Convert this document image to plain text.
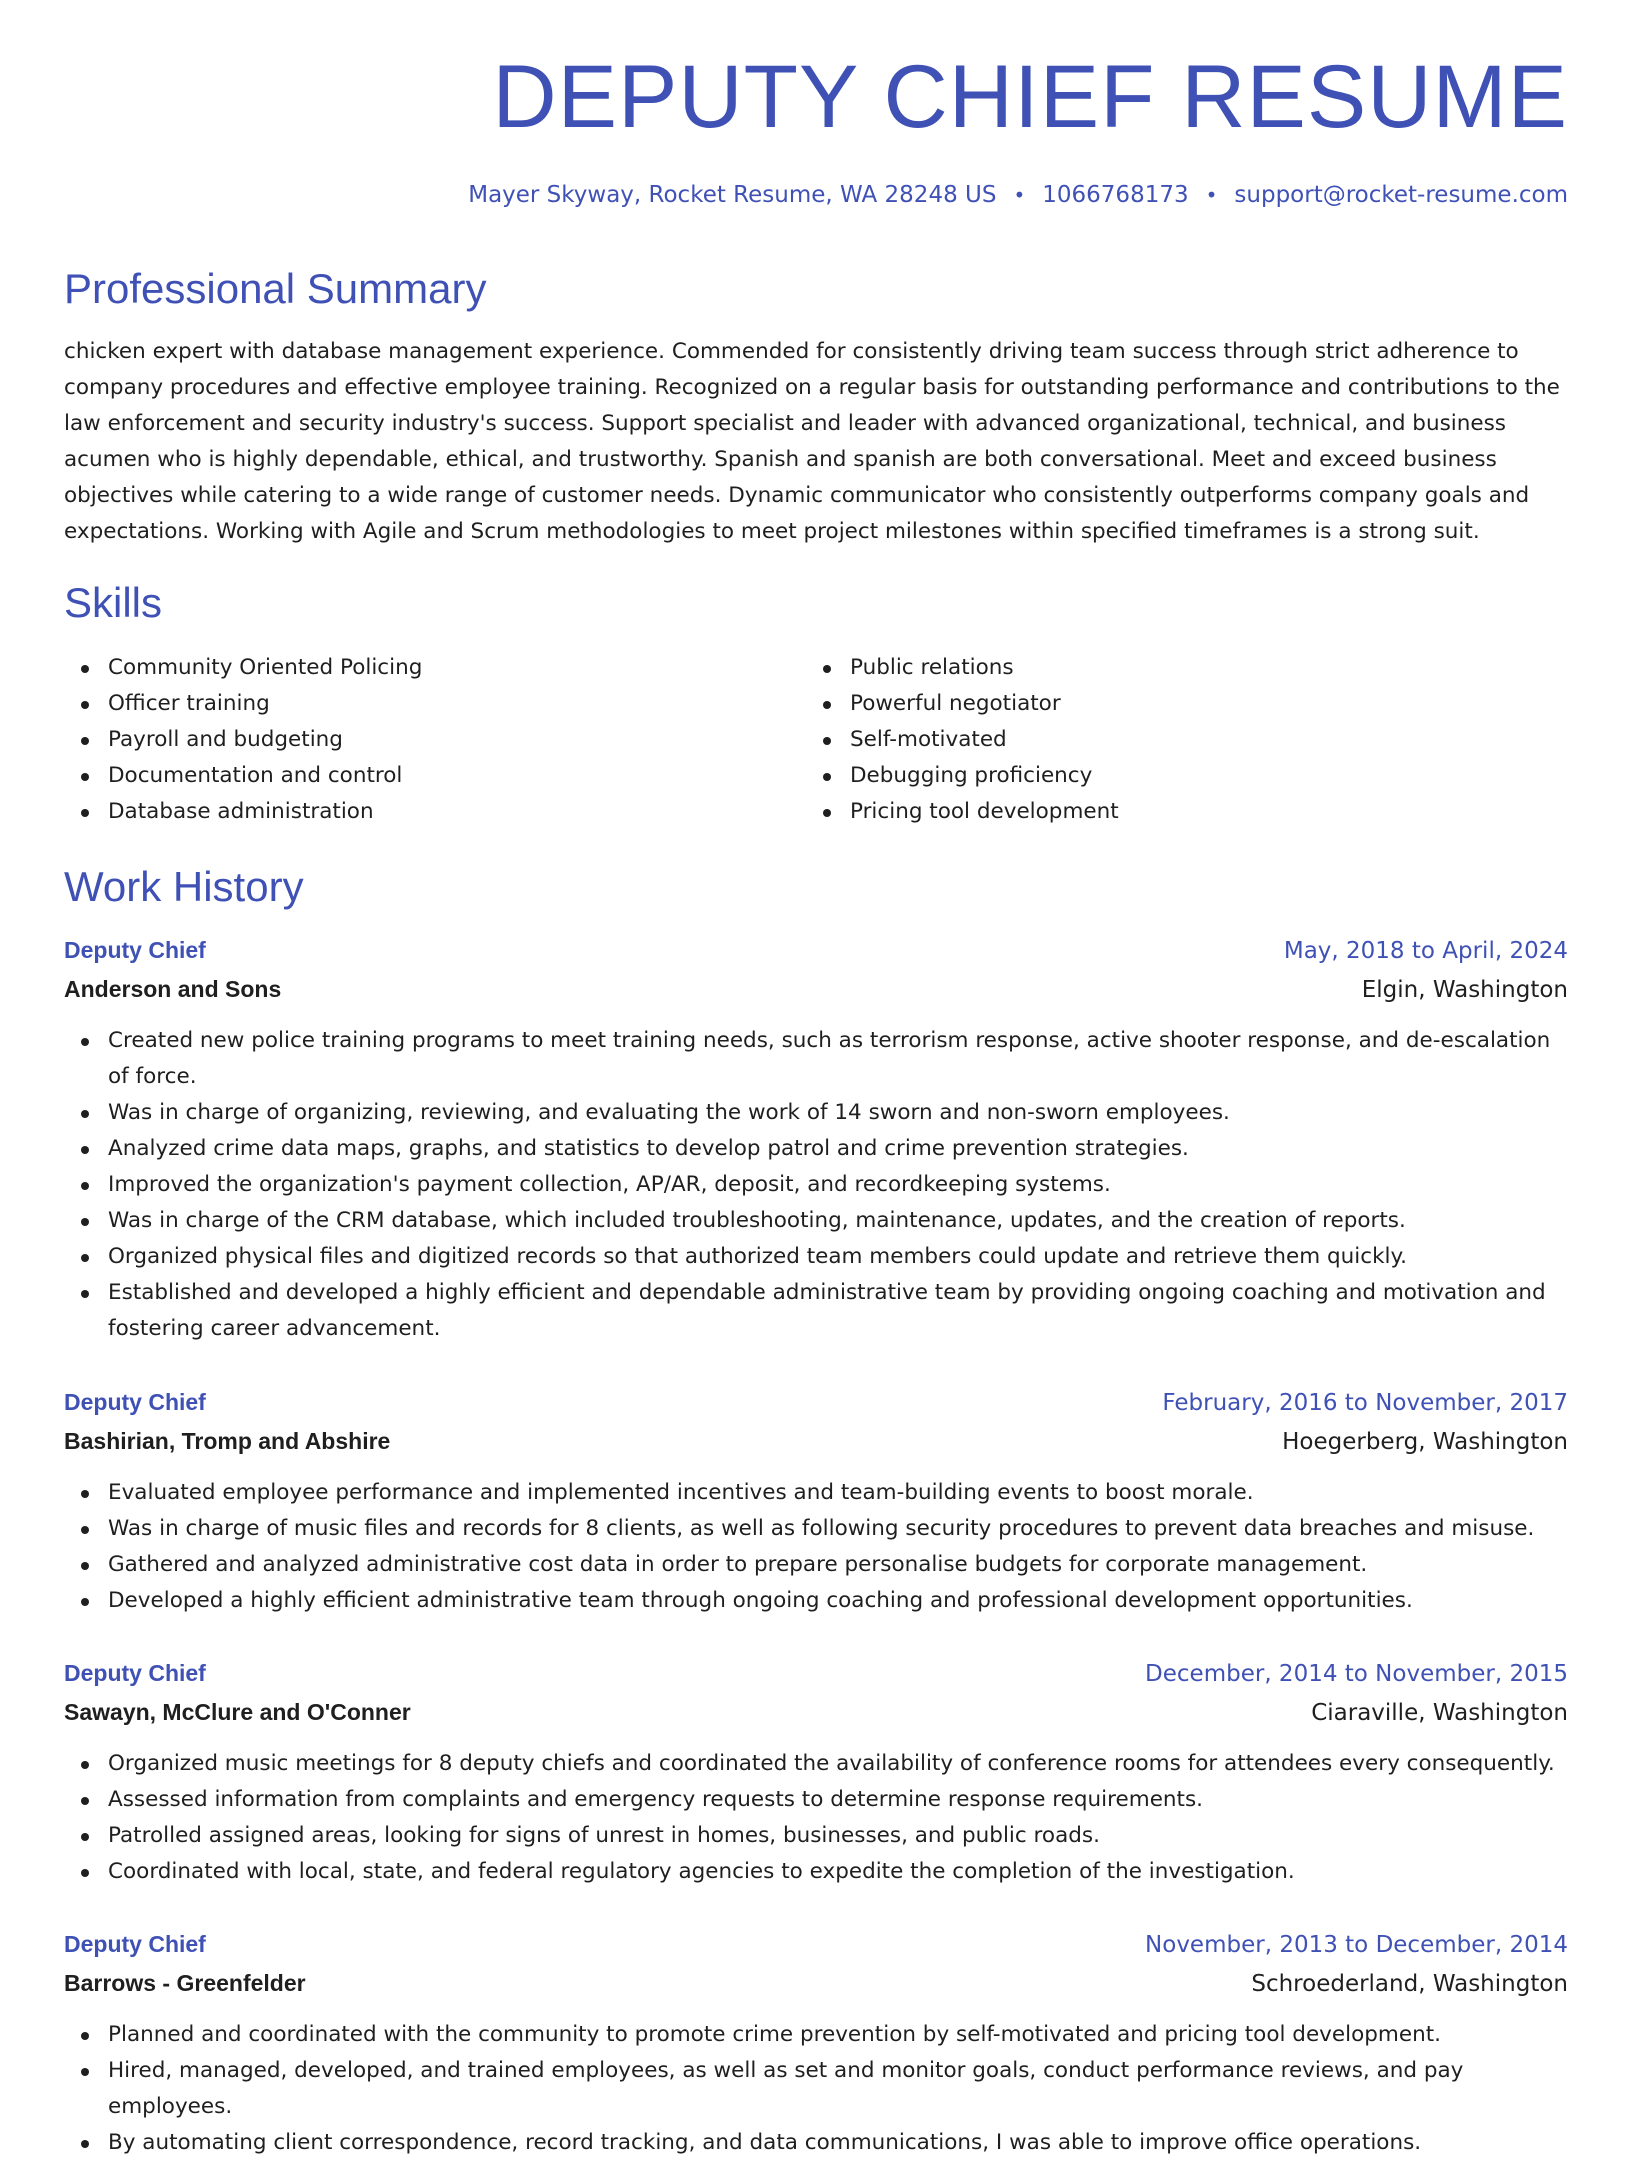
DEPUTY CHIEF RESUME
Mayer Skyway, Rocket Resume, WA 28248 US • 1066768173 • support@rocket-resume.com
Professional Summary

chicken expert with database management experience. Commended for consistently driving team success through strict adherence to company procedures and effective employee training. Recognized on a regular basis for outstanding performance and contributions to the law enforcement and security industry's success. Support specialist and leader with advanced organizational, technical, and business acumen who is highly dependable, ethical, and trustworthy. Spanish and spanish are both conversational. Meet and exceed business objectives while catering to a wide range of customer needs. Dynamic communicator who consistently outperforms company goals and expectations. Working with Agile and Scrum methodologies to meet project milestones within specified timeframes is a strong suit.

Skills
Community Oriented Policing
Officer training
Payroll and budgeting
Documentation and control
Database administration
Public relations
Powerful negotiator
Self-motivated
Debugging proficiency
Pricing tool development
Work History
Deputy Chief	May, 2018 to April, 2024
Anderson and Sons	Elgin, Washington
Created new police training programs to meet training needs, such as terrorism response, active shooter response, and de-escalation of force.
Was in charge of organizing, reviewing, and evaluating the work of 14 sworn and non-sworn employees.
Analyzed crime data maps, graphs, and statistics to develop patrol and crime prevention strategies.
Improved the organization's payment collection, AP/AR, deposit, and recordkeeping systems.
Was in charge of the CRM database, which included troubleshooting, maintenance, updates, and the creation of reports.
Organized physical files and digitized records so that authorized team members could update and retrieve them quickly.
Established and developed a highly efficient and dependable administrative team by providing ongoing coaching and motivation and fostering career advancement.
Deputy Chief	February, 2016 to November, 2017
Bashirian, Tromp and Abshire	Hoegerberg, Washington
Evaluated employee performance and implemented incentives and team-building events to boost morale.
Was in charge of music files and records for 8 clients, as well as following security procedures to prevent data breaches and misuse.
Gathered and analyzed administrative cost data in order to prepare personalise budgets for corporate management.
Developed a highly efficient administrative team through ongoing coaching and professional development opportunities.
Deputy Chief	December, 2014 to November, 2015
Sawayn, McClure and O'Conner	Ciaraville, Washington
Organized music meetings for 8 deputy chiefs and coordinated the availability of conference rooms for attendees every consequently.
Assessed information from complaints and emergency requests to determine response requirements.
Patrolled assigned areas, looking for signs of unrest in homes, businesses, and public roads.
Coordinated with local, state, and federal regulatory agencies to expedite the completion of the investigation.
Deputy Chief	November, 2013 to December, 2014
Barrows - Greenfelder	Schroederland, Washington
Planned and coordinated with the community to promote crime prevention by self-motivated and pricing tool development.
Hired, managed, developed, and trained employees, as well as set and monitor goals, conduct performance reviews, and pay employees.
By automating client correspondence, record tracking, and data communications, I was able to improve office operations.
